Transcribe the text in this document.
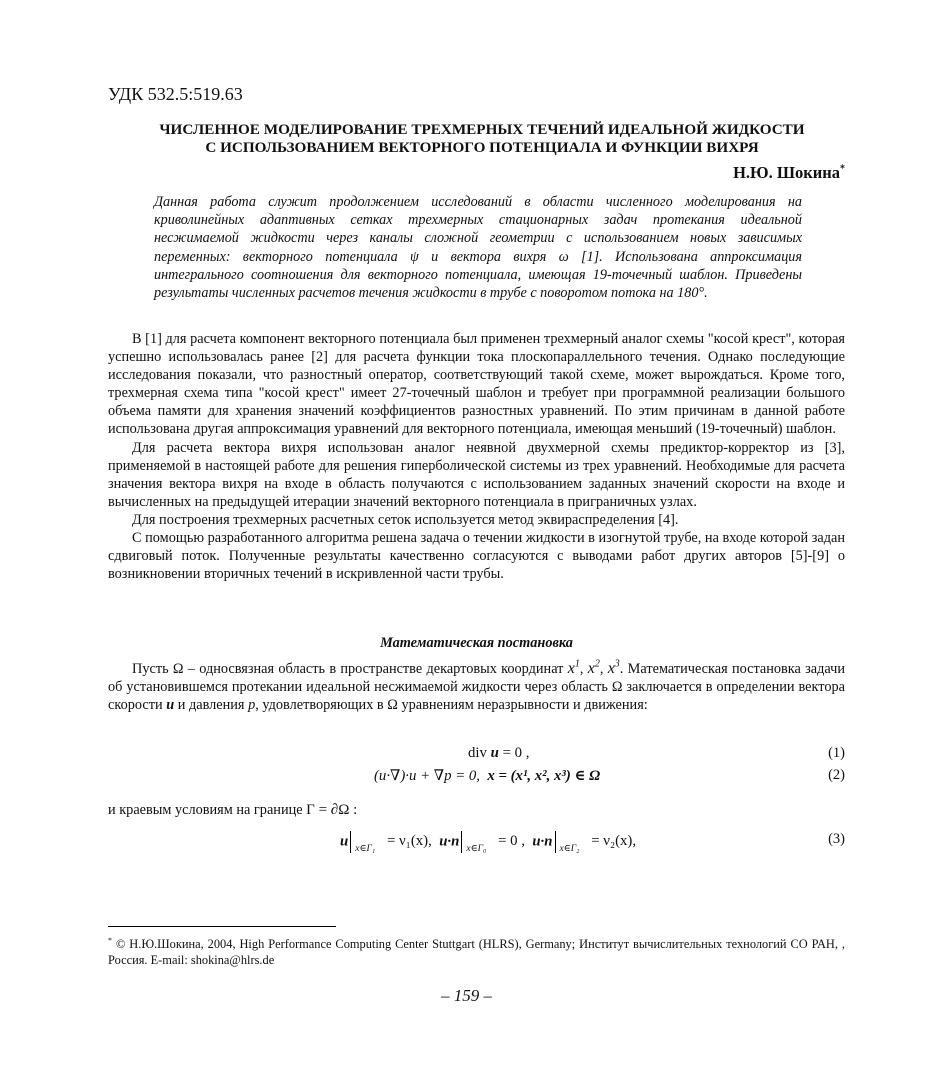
УДК 532.5:519.63
ЧИСЛЕННОЕ МОДЕЛИРОВАНИЕ ТРЕХМЕРНЫХ ТЕЧЕНИЙ ИДЕАЛЬНОЙ ЖИДКОСТИ
С ИСПОЛЬЗОВАНИЕМ ВЕКТОРНОГО ПОТЕНЦИАЛА И ФУНКЦИИ ВИХРЯ
Н.Ю. Шокина*
Данная работа служит продолжением исследований в области численного моделирования на криволинейных адаптивных сетках трехмерных стационарных задач протекания идеальной несжимаемой жидкости через каналы сложной геометрии с использованием новых зависимых переменных: векторного потенциала ψ и вектора вихря ω [1]. Использована аппроксимация интегрального соотношения для векторного потенциала, имеющая 19-точечный шаблон. Приведены результаты численных расчетов течения жидкости в трубе с поворотом потока на 180°.

В [1] для расчета компонент векторного потенциала был применен трехмерный аналог схемы "косой крест", которая успешно использовалась ранее [2] для расчета функции тока плоскопараллельного течения. Однако последующие исследования показали, что разностный оператор, соответствующий такой схеме, может вырождаться. Кроме того, трехмерная схема типа "косой крест" имеет 27-точечный шаблон и требует при программной реализации большого объема памяти для хранения значений коэффициентов разностных уравнений. По этим причинам в данной работе использована другая аппроксимация уравнений для векторного потенциала, имеющая меньший (19-точечный) шаблон.

Для расчета вектора вихря использован аналог неявной двухмерной схемы предиктор-корректор из [3], применяемой в настоящей работе для решения гиперболической системы из трех уравнений. Необходимые для расчета значения вектора вихря на входе в область получаются с использованием заданных значений скорости на входе и вычисленных на предыдущей итерации значений векторного потенциала в приграничных узлах.

Для построения трехмерных расчетных сеток используется метод эквираспределения [4].

С помощью разработанного алгоритма решена задача о течении жидкости в изогнутой трубе, на входе которой задан сдвиговый поток. Полученные результаты качественно согласуются с выводами работ других авторов [5]-[9] о возникновении вторичных течений в искривленной части трубы.

Математическая постановка

Пусть Ω – односвязная область в пространстве декартовых координат $x^1$, $x^2$, $x^3$. Математическая постановка задачи об установившемся протекании идеальной несжимаемой жидкости через область Ω заключается в определении вектора скорости u и давления p, удовлетворяющих в Ω уравнениям неразрывности и движения:

div u = 0 ,	(1)
(u·∇)·u + ∇p = 0, x = (x¹, x², x³) ∈ Ω	(2)
и краевым условиям на границе Γ = ∂Ω :
u x∈Γ₁ = ν₁(x), u·n x∈Γ₀ = 0 , u·n x∈Γ₂ = ν₂(x),	(3)
* © Н.Ю.Шокина, 2004, High Performance Computing Center Stuttgart (HLRS), Germany; Институт вычислительных технологий СО РАН, , Россия. E-mail: shokina@hlrs.de
– 159 –
